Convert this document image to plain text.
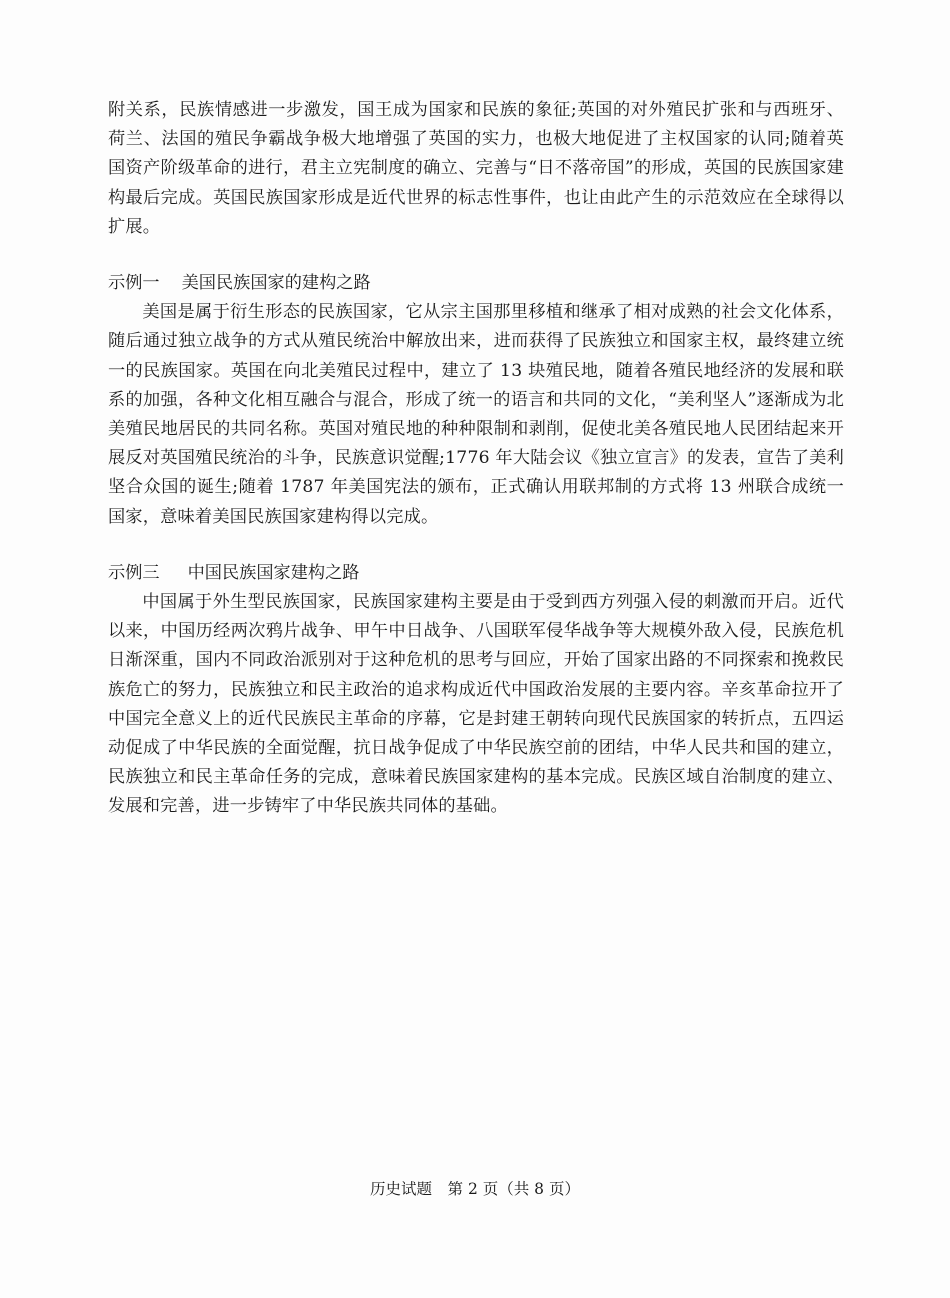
附关系，民族情感进一步激发，国王成为国家和民族的象征;英国的对外殖民扩张和与西班牙、荷兰、法国的殖民争霸战争极大地增强了英国的实力，也极大地促进了主权国家的认同;随着英国资产阶级革命的进行，君主立宪制度的确立、完善与“日不落帝国”的形成，英国的民族国家建构最后完成。英国民族国家形成是近代世界的标志性事件，也让由此产生的示范效应在全球得以扩展。

示例一 美国民族国家的建构之路

美国是属于衍生形态的民族国家，它从宗主国那里移植和继承了相对成熟的社会文化体系，随后通过独立战争的方式从殖民统治中解放出来，进而获得了民族独立和国家主权，最终建立统一的民族国家。英国在向北美殖民过程中，建立了 13 块殖民地，随着各殖民地经济的发展和联系的加强，各种文化相互融合与混合，形成了统一的语言和共同的文化，“美利坚人”逐渐成为北美殖民地居民的共同名称。英国对殖民地的种种限制和剥削，促使北美各殖民地人民团结起来开展反对英国殖民统治的斗争，民族意识觉醒;1776 年大陆会议《独立宣言》的发表，宣告了美利坚合众国的诞生;随着 1787 年美国宪法的颁布，正式确认用联邦制的方式将 13 州联合成统一国家，意味着美国民族国家建构得以完成。

示例三 中国民族国家建构之路

中国属于外生型民族国家，民族国家建构主要是由于受到西方列强入侵的刺激而开启。近代以来，中国历经两次鸦片战争、甲午中日战争、八国联军侵华战争等大规模外敌入侵，民族危机日渐深重，国内不同政治派别对于这种危机的思考与回应，开始了国家出路的不同探索和挽救民族危亡的努力，民族独立和民主政治的追求构成近代中国政治发展的主要内容。辛亥革命拉开了中国完全意义上的近代民族民主革命的序幕，它是封建王朝转向现代民族国家的转折点，五四运动促成了中华民族的全面觉醒，抗日战争促成了中华民族空前的团结，中华人民共和国的建立，民族独立和民主革命任务的完成，意味着民族国家建构的基本完成。民族区域自治制度的建立、发展和完善，进一步铸牢了中华民族共同体的基础。

历史试题　第 2 页（共 8 页）
